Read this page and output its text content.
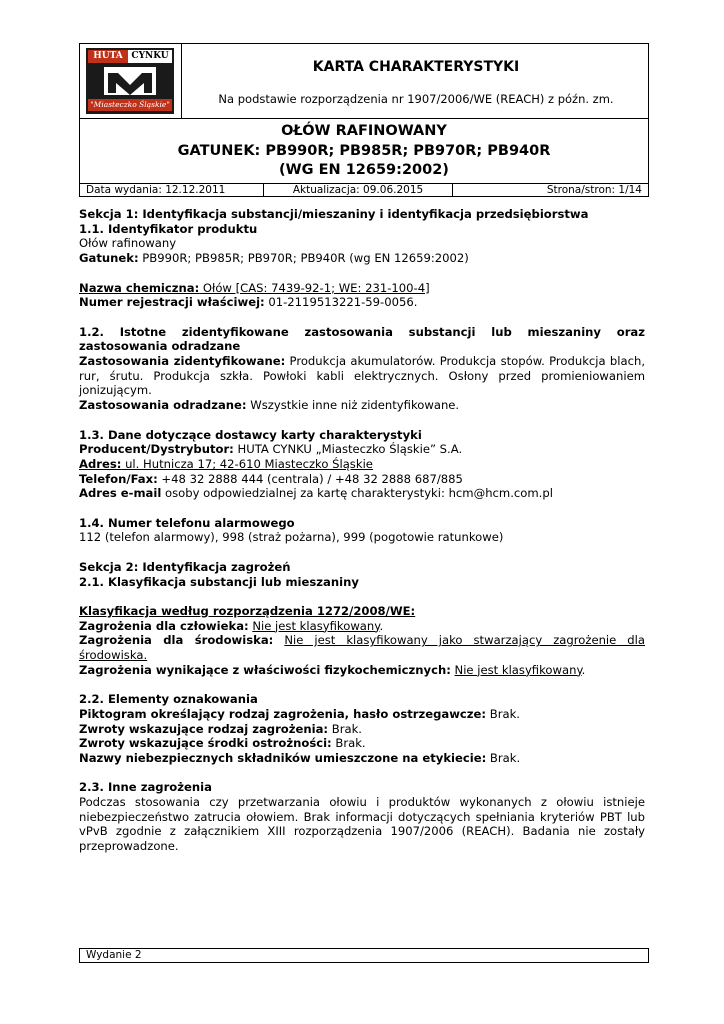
HUTA CYNKU
"Miasteczko Śląskie"
KARTA CHARAKTERYSTYKI
Na podstawie rozporządzenia nr 1907/2006/WE (REACH) z późn. zm.
OŁÓW RAFINOWANY
GATUNEK: PB990R; PB985R; PB970R; PB940R
(WG EN 12659:2002)
Data wydania: 12.12.2011	Aktualizacja: 09.06.2015	Strona/stron: 1/14

Sekcja 1: Identyfikacja substancji/mieszaniny i identyfikacja przedsiębiorstwa

1.1. Identyfikator produktu

Ołów rafinowany

Gatunek: PB990R; PB985R; PB970R; PB940R (wg EN 12659:2002)

Nazwa chemiczna: Ołów [CAS: 7439-92-1; WE: 231-100-4]

Numer rejestracji właściwej: 01-2119513221-59-0056.

1.2. Istotne zidentyfikowane zastosowania substancji lub mieszaniny oraz zastosowania odradzane

Zastosowania zidentyfikowane: Produkcja akumulatorów. Produkcja stopów. Produkcja blach, rur, śrutu. Produkcja szkła. Powłoki kabli elektrycznych. Osłony przed promieniowaniem jonizującym.

Zastosowania odradzane: Wszystkie inne niż zidentyfikowane.

1.3. Dane dotyczące dostawcy karty charakterystyki

Producent/Dystrybutor: HUTA CYNKU „Miasteczko Śląskie” S.A.

Adres: ul. Hutnicza 17; 42-610 Miasteczko Śląskie

Telefon/Fax: +48 32 2888 444 (centrala) / +48 32 2888 687/885

Adres e-mail osoby odpowiedzialnej za kartę charakterystyki: hcm@hcm.com.pl

1.4. Numer telefonu alarmowego

112 (telefon alarmowy), 998 (straż pożarna), 999 (pogotowie ratunkowe)

Sekcja 2: Identyfikacja zagrożeń

2.1. Klasyfikacja substancji lub mieszaniny

Klasyfikacja według rozporządzenia 1272/2008/WE:

Zagrożenia dla człowieka: Nie jest klasyfikowany.

Zagrożenia dla środowiska: Nie jest klasyfikowany jako stwarzający zagrożenie dla środowiska.

Zagrożenia wynikające z właściwości fizykochemicznych: Nie jest klasyfikowany.

2.2. Elementy oznakowania

Piktogram określający rodzaj zagrożenia, hasło ostrzegawcze: Brak.

Zwroty wskazujące rodzaj zagrożenia: Brak.

Zwroty wskazujące środki ostrożności: Brak.

Nazwy niebezpiecznych składników umieszczone na etykiecie: Brak.

2.3. Inne zagrożenia

Podczas stosowania czy przetwarzania ołowiu i produktów wykonanych z ołowiu istnieje niebezpieczeństwo zatrucia ołowiem. Brak informacji dotyczących spełniania kryteriów PBT lub vPvB zgodnie z załącznikiem XIII rozporządzenia 1907/2006 (REACH). Badania nie zostały przeprowadzone.

Wydanie 2
